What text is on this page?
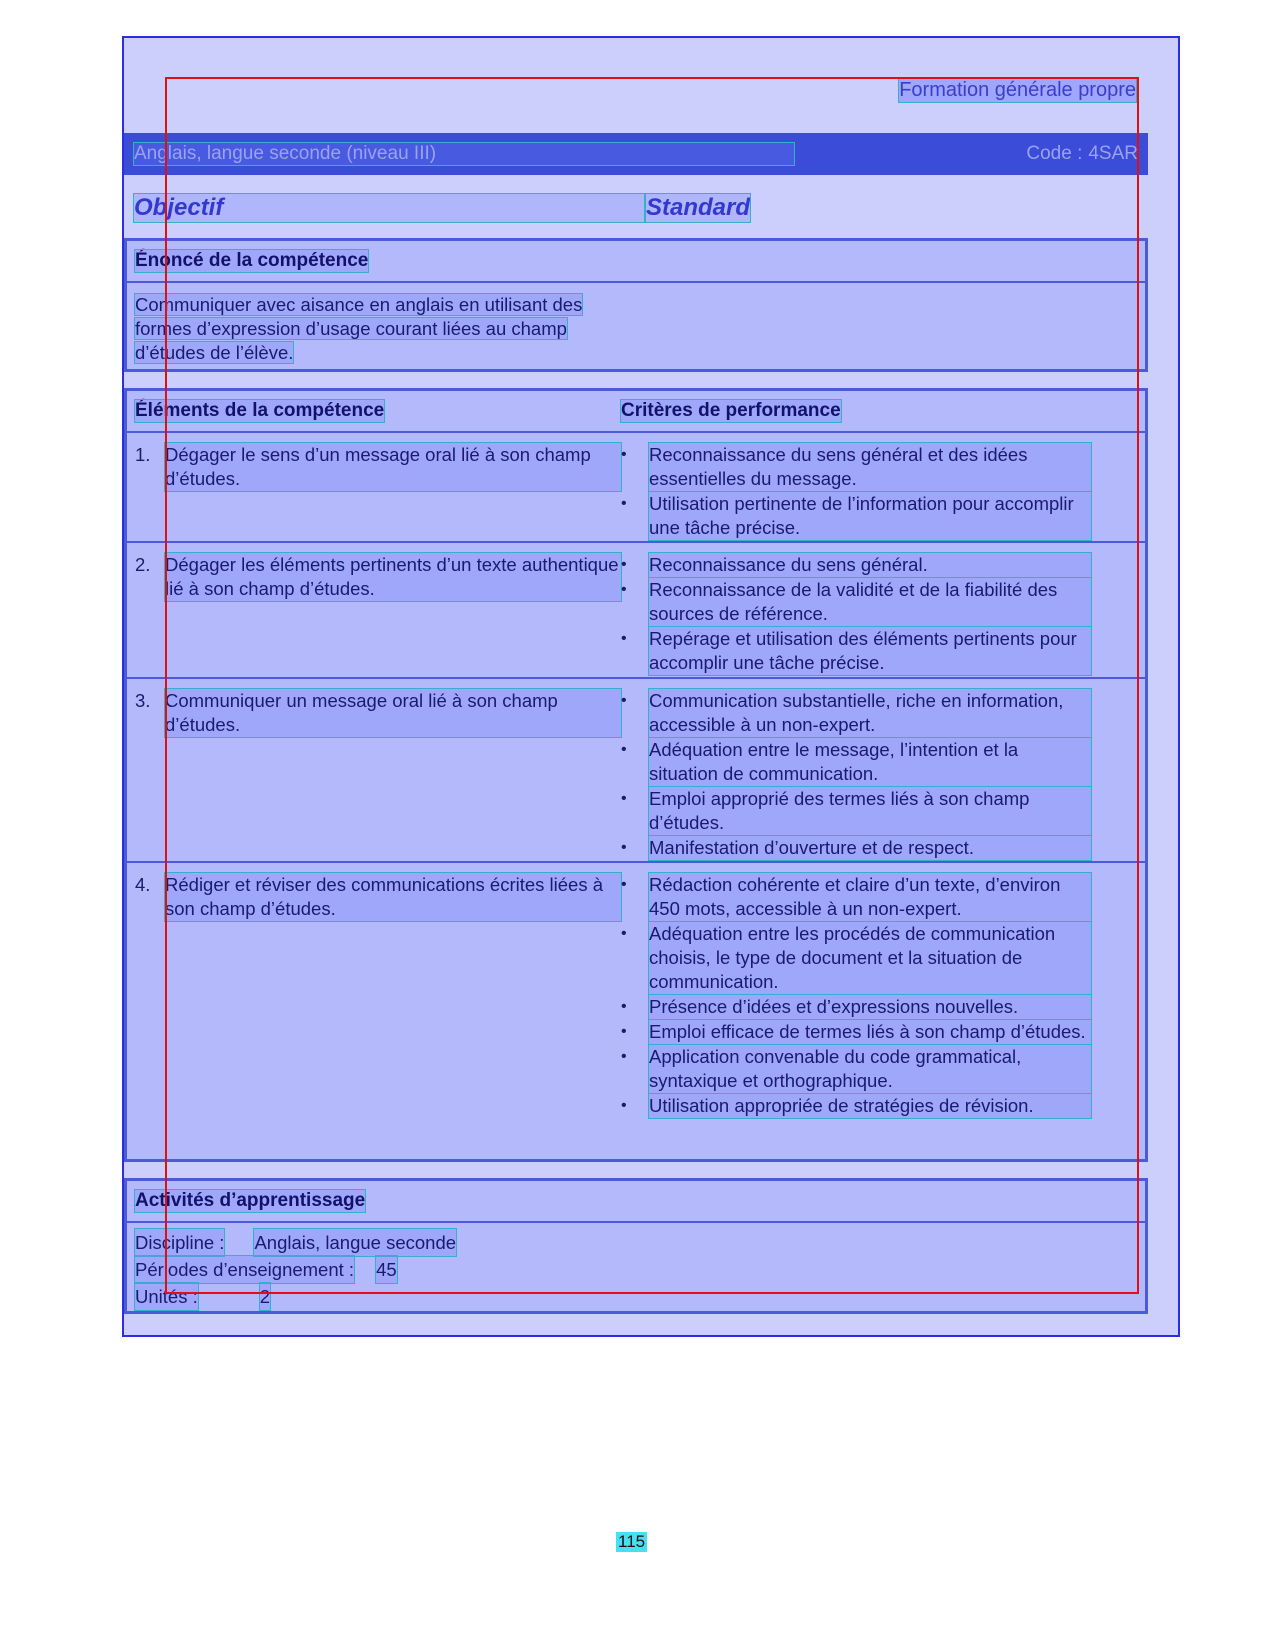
Formation générale propre
Anglais, langue seconde (niveau III)	Code : 4SAR
Objectif	Standard
Énoncé de la compétence
Communiquer avec aisance en anglais en utilisant des formes d’expression d’usage courant liées au champ d’études de l’élève.
Éléments de la compétence	Critères de performance
1. Dégager le sens d’un message oral lié à son champ d’études.
•	Reconnaissance du sens général et des idées essentielles du message.
•	Utilisation pertinente de l’information pour accomplir une tâche précise.
2. Dégager les éléments pertinents d’un texte authentique lié à son champ d’études.
•	Reconnaissance du sens général.
•	Reconnaissance de la validité et de la fiabilité des sources de référence.
•	Repérage et utilisation des éléments pertinents pour accomplir une tâche précise.
3. Communiquer un message oral lié à son champ d’études.
•	Communication substantielle, riche en information, accessible à un non-expert.
•	Adéquation entre le message, l’intention et la situation de communication.
•	Emploi approprié des termes liés à son champ d’études.
•	Manifestation d’ouverture et de respect.
4. Rédiger et réviser des communications écrites liées à son champ d’études.
•	Rédaction cohérente et claire d’un texte, d’environ 450 mots, accessible à un non-expert.
•	Adéquation entre les procédés de communication choisis, le type de document et la situation de communication.
•	Présence d’idées et d’expressions nouvelles.
•	Emploi efficace de termes liés à son champ d’études.
•	Application convenable du code grammatical, syntaxique et orthographique.
•	Utilisation appropriée de stratégies de révision.
Activités d’apprentissage
Discipline : Anglais, langue seconde
Périodes d’enseignement : 45
Unités :	2
115
